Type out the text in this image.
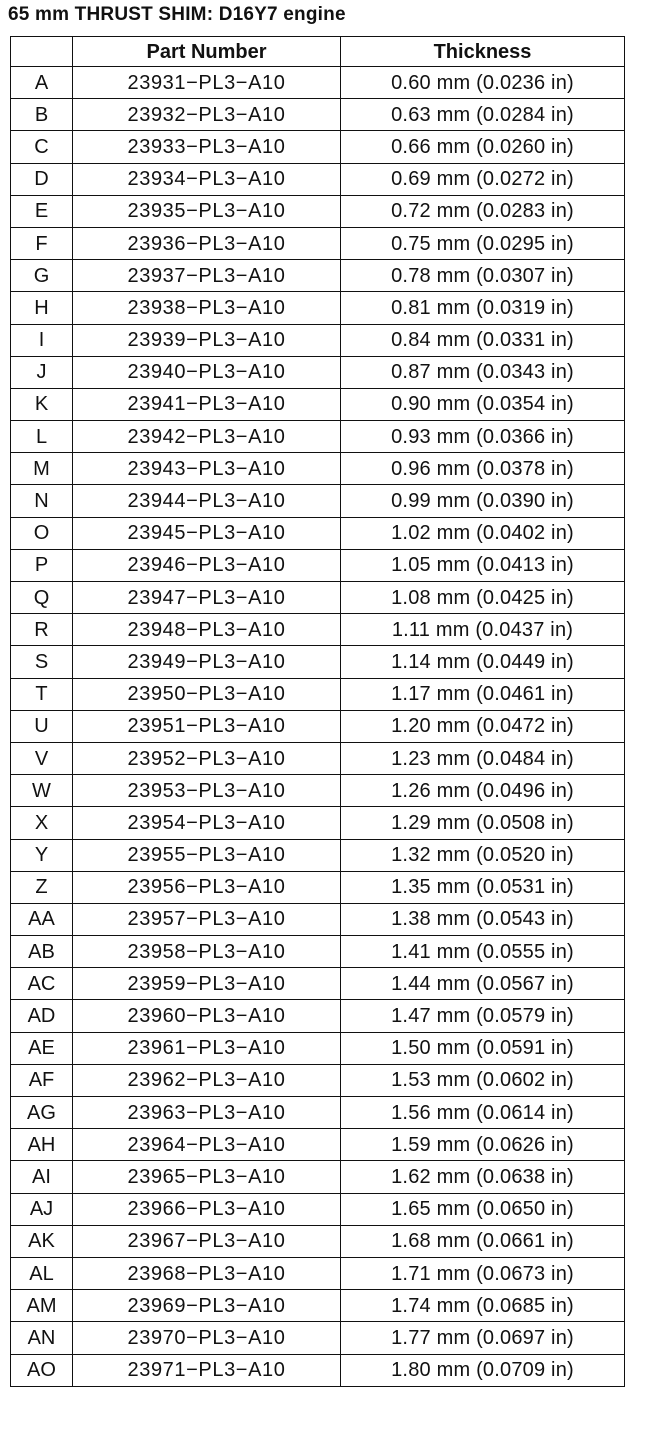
65 mm THRUST SHIM: D16Y7 engine
	Part Number	Thickness
A	23931−PL3−A10	0.60 mm (0.0236 in)
B	23932−PL3−A10	0.63 mm (0.0284 in)
C	23933−PL3−A10	0.66 mm (0.0260 in)
D	23934−PL3−A10	0.69 mm (0.0272 in)
E	23935−PL3−A10	0.72 mm (0.0283 in)
F	23936−PL3−A10	0.75 mm (0.0295 in)
G	23937−PL3−A10	0.78 mm (0.0307 in)
H	23938−PL3−A10	0.81 mm (0.0319 in)
I	23939−PL3−A10	0.84 mm (0.0331 in)
J	23940−PL3−A10	0.87 mm (0.0343 in)
K	23941−PL3−A10	0.90 mm (0.0354 in)
L	23942−PL3−A10	0.93 mm (0.0366 in)
M	23943−PL3−A10	0.96 mm (0.0378 in)
N	23944−PL3−A10	0.99 mm (0.0390 in)
O	23945−PL3−A10	1.02 mm (0.0402 in)
P	23946−PL3−A10	1.05 mm (0.0413 in)
Q	23947−PL3−A10	1.08 mm (0.0425 in)
R	23948−PL3−A10	1.11 mm (0.0437 in)
S	23949−PL3−A10	1.14 mm (0.0449 in)
T	23950−PL3−A10	1.17 mm (0.0461 in)
U	23951−PL3−A10	1.20 mm (0.0472 in)
V	23952−PL3−A10	1.23 mm (0.0484 in)
W	23953−PL3−A10	1.26 mm (0.0496 in)
X	23954−PL3−A10	1.29 mm (0.0508 in)
Y	23955−PL3−A10	1.32 mm (0.0520 in)
Z	23956−PL3−A10	1.35 mm (0.0531 in)
AA	23957−PL3−A10	1.38 mm (0.0543 in)
AB	23958−PL3−A10	1.41 mm (0.0555 in)
AC	23959−PL3−A10	1.44 mm (0.0567 in)
AD	23960−PL3−A10	1.47 mm (0.0579 in)
AE	23961−PL3−A10	1.50 mm (0.0591 in)
AF	23962−PL3−A10	1.53 mm (0.0602 in)
AG	23963−PL3−A10	1.56 mm (0.0614 in)
AH	23964−PL3−A10	1.59 mm (0.0626 in)
AI	23965−PL3−A10	1.62 mm (0.0638 in)
AJ	23966−PL3−A10	1.65 mm (0.0650 in)
AK	23967−PL3−A10	1.68 mm (0.0661 in)
AL	23968−PL3−A10	1.71 mm (0.0673 in)
AM	23969−PL3−A10	1.74 mm (0.0685 in)
AN	23970−PL3−A10	1.77 mm (0.0697 in)
AO	23971−PL3−A10	1.80 mm (0.0709 in)
